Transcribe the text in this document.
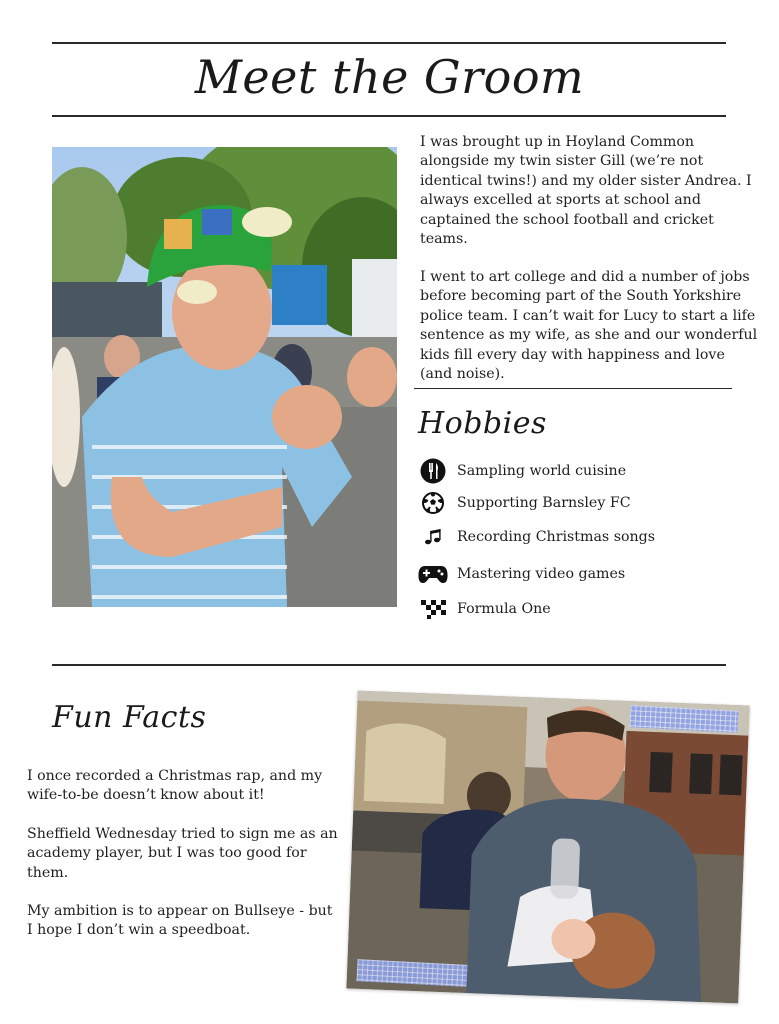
Meet the Groom

I was brought up in Hoyland Common
alongside my twin sister Gill (we’re not
identical twins!) and my older sister Andrea. I
always excelled at sports at school and
captained the school football and cricket
teams.

I went to art college and did a number of jobs
before becoming part of the South Yorkshire
police team. I can’t wait for Lucy to start a life
sentence as my wife, as she and our wonderful
kids fill every day with happiness and love
(and noise).

Hobbies
Sampling world cuisine
Supporting Barnsley FC
Recording Christmas songs
Mastering video games
Formula One
Fun Facts

I once recorded a Christmas rap, and my
wife-to-be doesn’t know about it!

Sheffield Wednesday tried to sign me as an
academy player, but I was too good for
them.

My ambition is to appear on Bullseye - but
I hope I don’t win a speedboat.
